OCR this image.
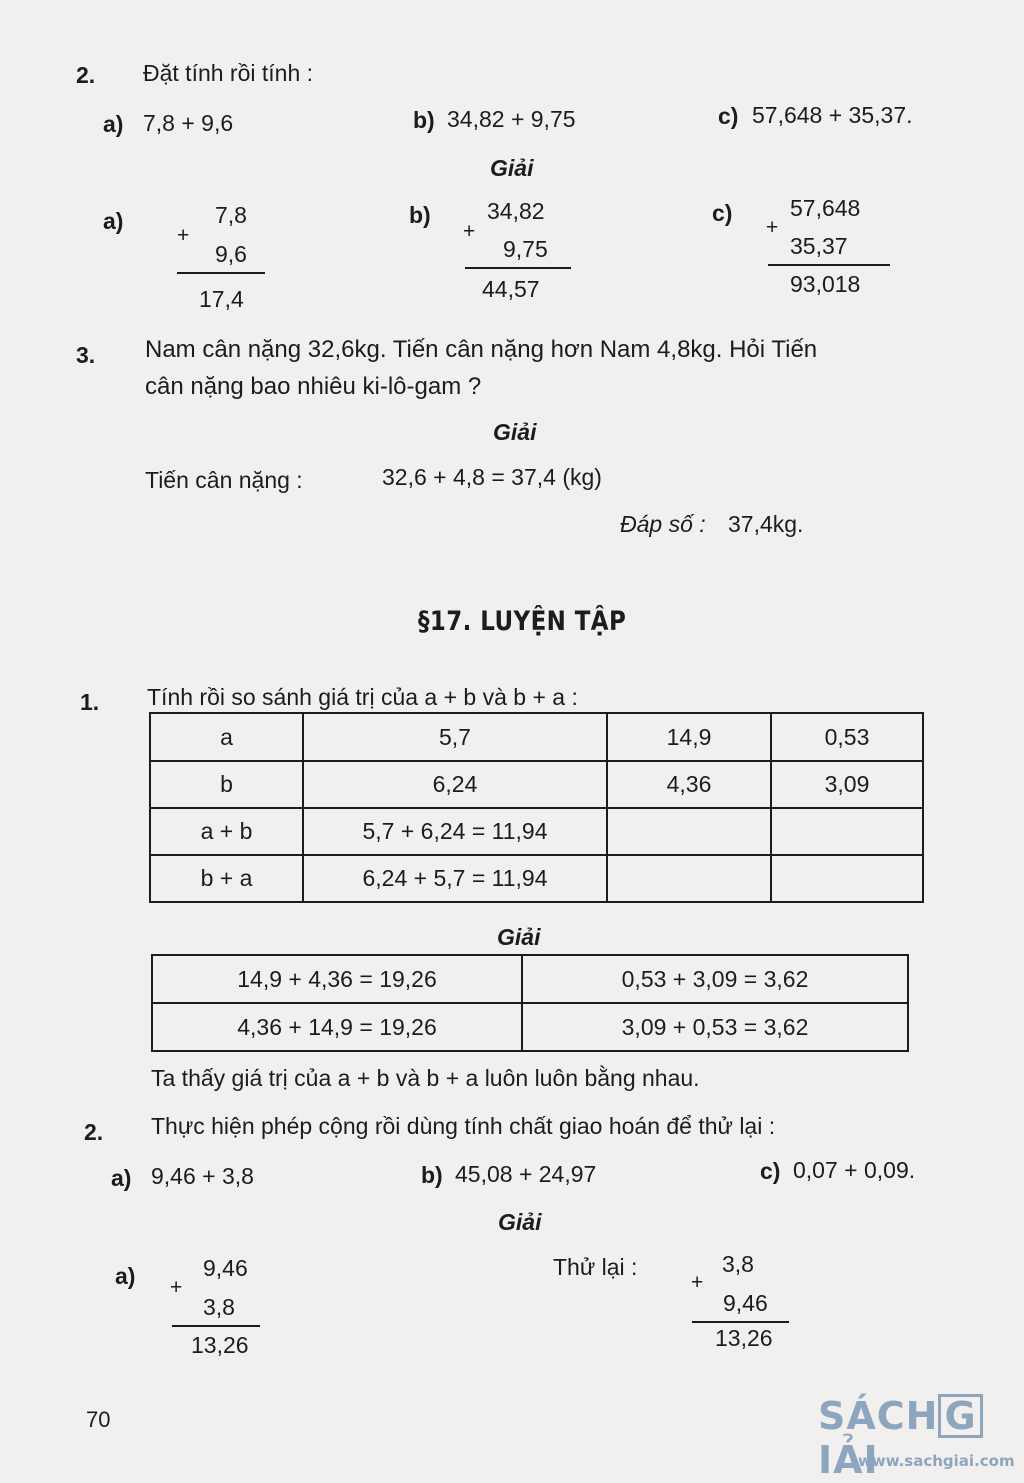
2. Đặt tính rồi tính :
a) 7,8 + 9,6	b) 34,82 + 9,75	c) 57,648 + 35,37.
Giải
a)	7,8
+
9,6
17,4
b) 34,82
+
9,75
44,57
c)	57,648
+
35,37
93,018
3. Nam cân nặng 32,6kg. Tiến cân nặng hơn Nam 4,8kg. Hỏi Tiến
cân nặng bao nhiêu ki-lô-gam ?
Giải
Tiến cân nặng :	32,6 + 4,8 = 37,4 (kg)
Đáp số : 37,4kg.
§17. LUYỆN TẬP
1. Tính rồi so sánh giá trị của a + b và b + a :
a	5,7	14,9	0,53
b	6,24	4,36	3,09
a + b	5,7 + 6,24 = 11,94		
b + a	6,24 + 5,7 = 11,94		
Giải
14,9 + 4,36 = 19,26	0,53 + 3,09 = 3,62
4,36 + 14,9 = 19,26	3,09 + 0,53 = 3,62
Ta thấy giá trị của a + b và b + a luôn luôn bằng nhau.
2. Thực hiện phép cộng rồi dùng tính chất giao hoán để thử lại :
a) 9,46 + 3,8	b) 45,08 + 24,97	c) 0,07 + 0,09.
Giải
a)	9,46
+
3,8
13,26
Thử lại :	3,8
+
9,46
13,26
70	SÁCH GIẢI
www.sachgiai.com
